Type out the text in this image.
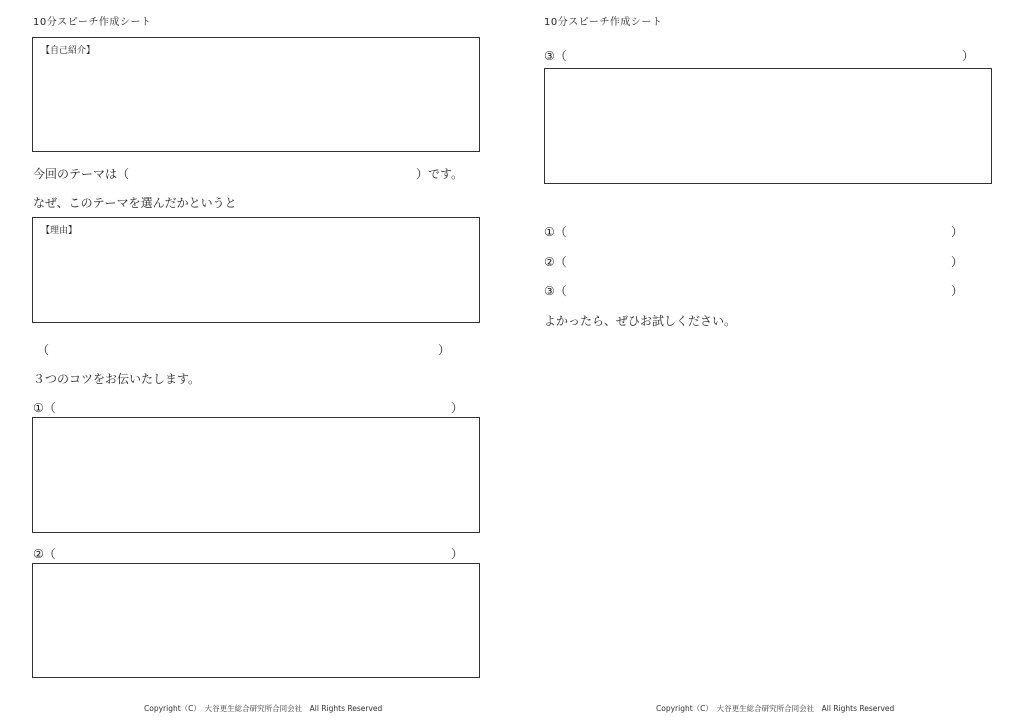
10分スピーチ作成シート
【自己紹介】
今回のテーマは（	）です。
なぜ、このテーマを選んだかというと
【理由】
（	）
３つのコツをお伝いたします。
①（	）
②（	）
Copyright（C）　大谷更生総合研究所合同会社　All Rights Reserved
10分スピーチ作成シート
③（	）
①（	）
②（	）
③（	）
よかったら、ぜひお試しください。
Copyright（C）　大谷更生総合研究所合同会社　All Rights Reserved
